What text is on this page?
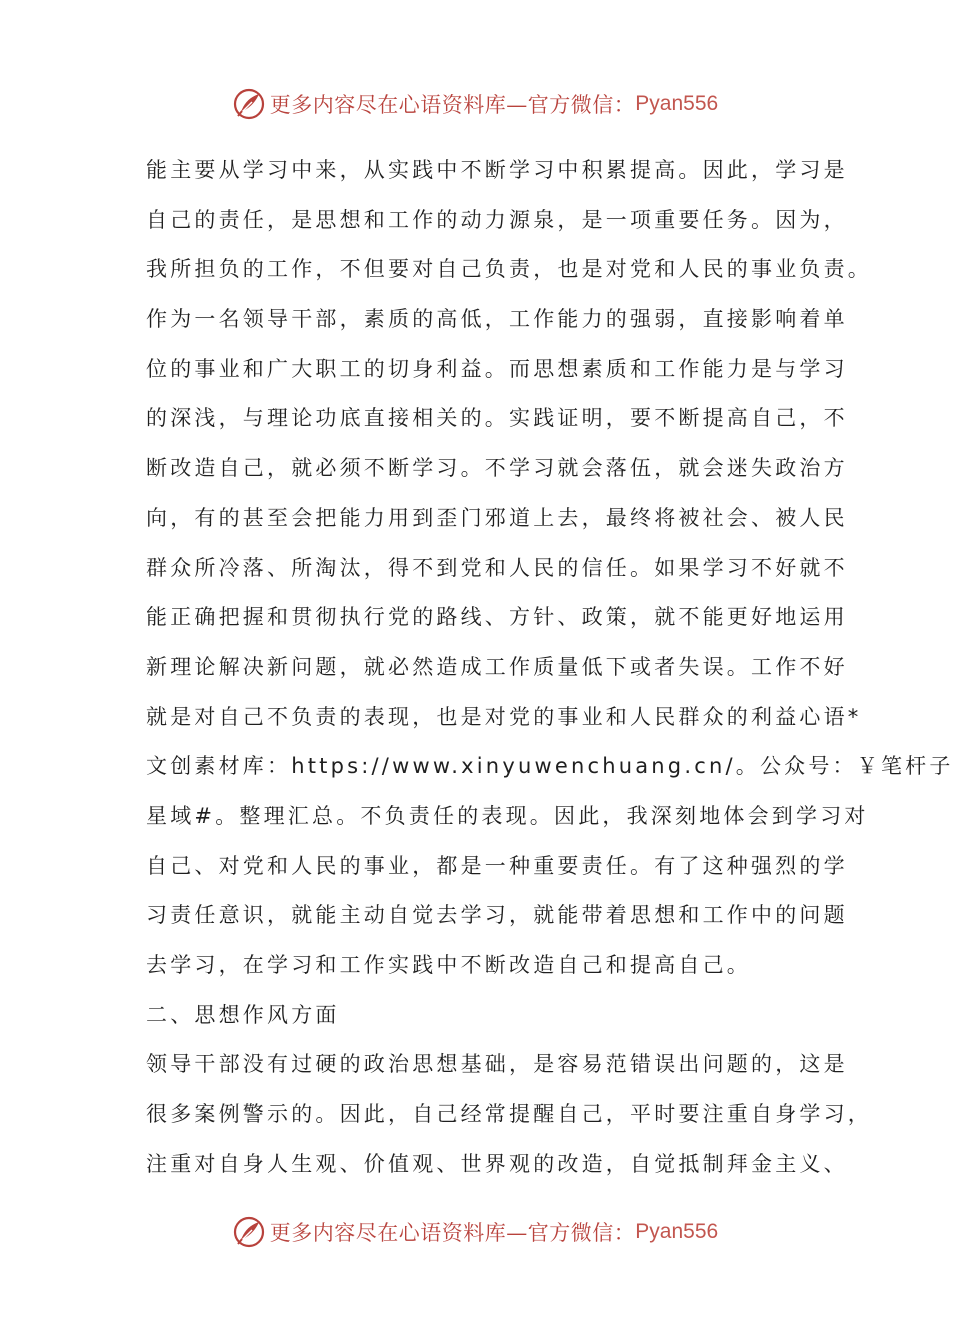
更多内容尽在心语资料库—官方微信： Pyan556
能主要从学习中来，从实践中不断学习中积累提高。因此，学习是
自己的责任，是思想和工作的动力源泉，是一项重要任务。因为，
我所担负的工作，不但要对自己负责，也是对党和人民的事业负责。
作为一名领导干部，素质的高低，工作能力的强弱，直接影响着单
位的事业和广大职工的切身利益。而思想素质和工作能力是与学习
的深浅，与理论功底直接相关的。实践证明，要不断提高自己，不
断改造自己，就必须不断学习。不学习就会落伍，就会迷失政治方
向，有的甚至会把能力用到歪门邪道上去，最终将被社会、被人民
群众所冷落、所淘汰，得不到党和人民的信任。如果学习不好就不
能正确把握和贯彻执行党的路线、方针、政策，就不能更好地运用
新理论解决新问题，就必然造成工作质量低下或者失误。工作不好
就是对自己不负责的表现，也是对党的事业和人民群众的利益心语*
文创素材库：https://www.xinyuwenchuang.cn/。公众号：￥笔杆子
星域#。整理汇总。不负责任的表现。因此，我深刻地体会到学习对
自己、对党和人民的事业，都是一种重要责任。有了这种强烈的学
习责任意识，就能主动自觉去学习，就能带着思想和工作中的问题
去学习，在学习和工作实践中不断改造自己和提高自己。
二、思想作风方面
领导干部没有过硬的政治思想基础，是容易范错误出问题的，这是
很多案例警示的。因此，自己经常提醒自己，平时要注重自身学习，
注重对自身人生观、价值观、世界观的改造，自觉抵制拜金主义、
更多内容尽在心语资料库—官方微信： Pyan556
